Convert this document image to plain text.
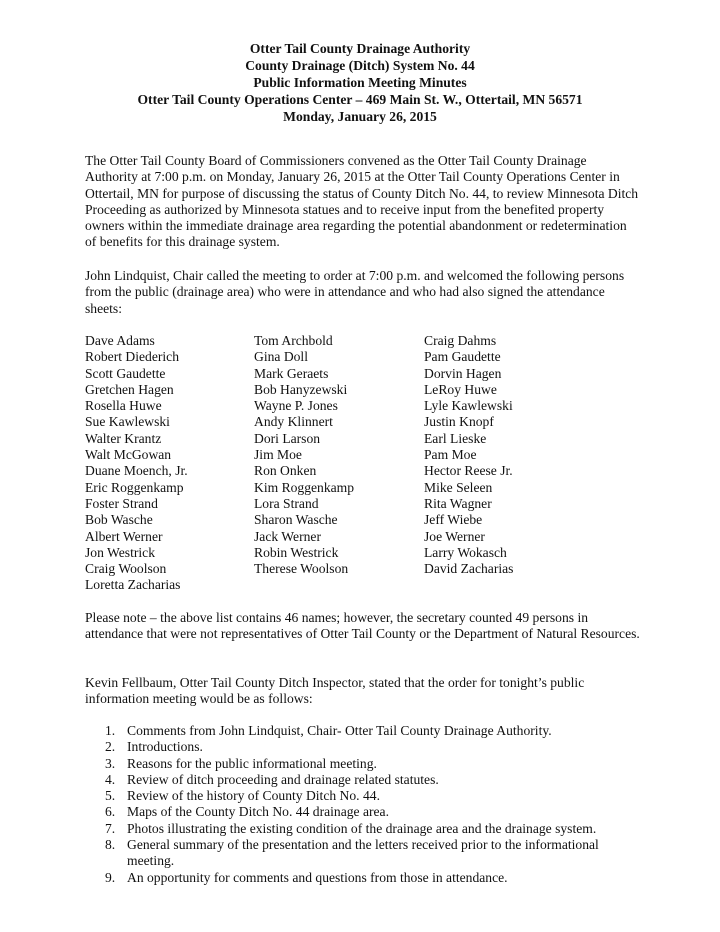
Otter Tail County Drainage Authority
County Drainage (Ditch) System No. 44
Public Information Meeting Minutes
Otter Tail County Operations Center – 469 Main St. W., Ottertail, MN 56571
Monday, January 26, 2015

The Otter Tail County Board of Commissioners convened as the Otter Tail County Drainage Authority at 7:00 p.m. on Monday, January 26, 2015 at the Otter Tail County Operations Center in Ottertail, MN for purpose of discussing the status of County Ditch No. 44, to review Minnesota Ditch Proceeding as authorized by Minnesota statues and to receive input from the benefited property owners within the immediate drainage area regarding the potential abandonment or redetermination of benefits for this drainage system.

John Lindquist, Chair called the meeting to order at 7:00 p.m. and welcomed the following persons from the public (drainage area) who were in attendance and who had also signed the attendance sheets:

Dave Adams	Tom Archbold	Craig Dahms
Robert Diederich	Gina Doll	Pam Gaudette
Scott Gaudette	Mark Geraets	Dorvin Hagen
Gretchen Hagen	Bob Hanyzewski	LeRoy Huwe
Rosella Huwe	Wayne P. Jones	Lyle Kawlewski
Sue Kawlewski	Andy Klinnert	Justin Knopf
Walter Krantz	Dori Larson	Earl Lieske
Walt McGowan	Jim Moe	Pam Moe
Duane Moench, Jr.	Ron Onken	Hector Reese Jr.
Eric Roggenkamp	Kim Roggenkamp	Mike Seleen
Foster Strand	Lora Strand	Rita Wagner
Bob Wasche	Sharon Wasche	Jeff Wiebe
Albert Werner	Jack Werner	Joe Werner
Jon Westrick	Robin Westrick	Larry Wokasch
Craig Woolson	Therese Woolson	David Zacharias
Loretta Zacharias

Please note – the above list contains 46 names; however, the secretary counted 49 persons in attendance that were not representatives of Otter Tail County or the Department of Natural Resources.

Kevin Fellbaum, Otter Tail County Ditch Inspector, stated that the order for tonight’s public information meeting would be as follows:

1. Comments from John Lindquist, Chair- Otter Tail County Drainage Authority.
2. Introductions.
3. Reasons for the public informational meeting.
4. Review of ditch proceeding and drainage related statutes.
5. Review of the history of County Ditch No. 44.
6. Maps of the County Ditch No. 44 drainage area.
7. Photos illustrating the existing condition of the drainage area and the drainage system.
8. General summary of the presentation and the letters received prior to the informational meeting.
9. An opportunity for comments and questions from those in attendance.
